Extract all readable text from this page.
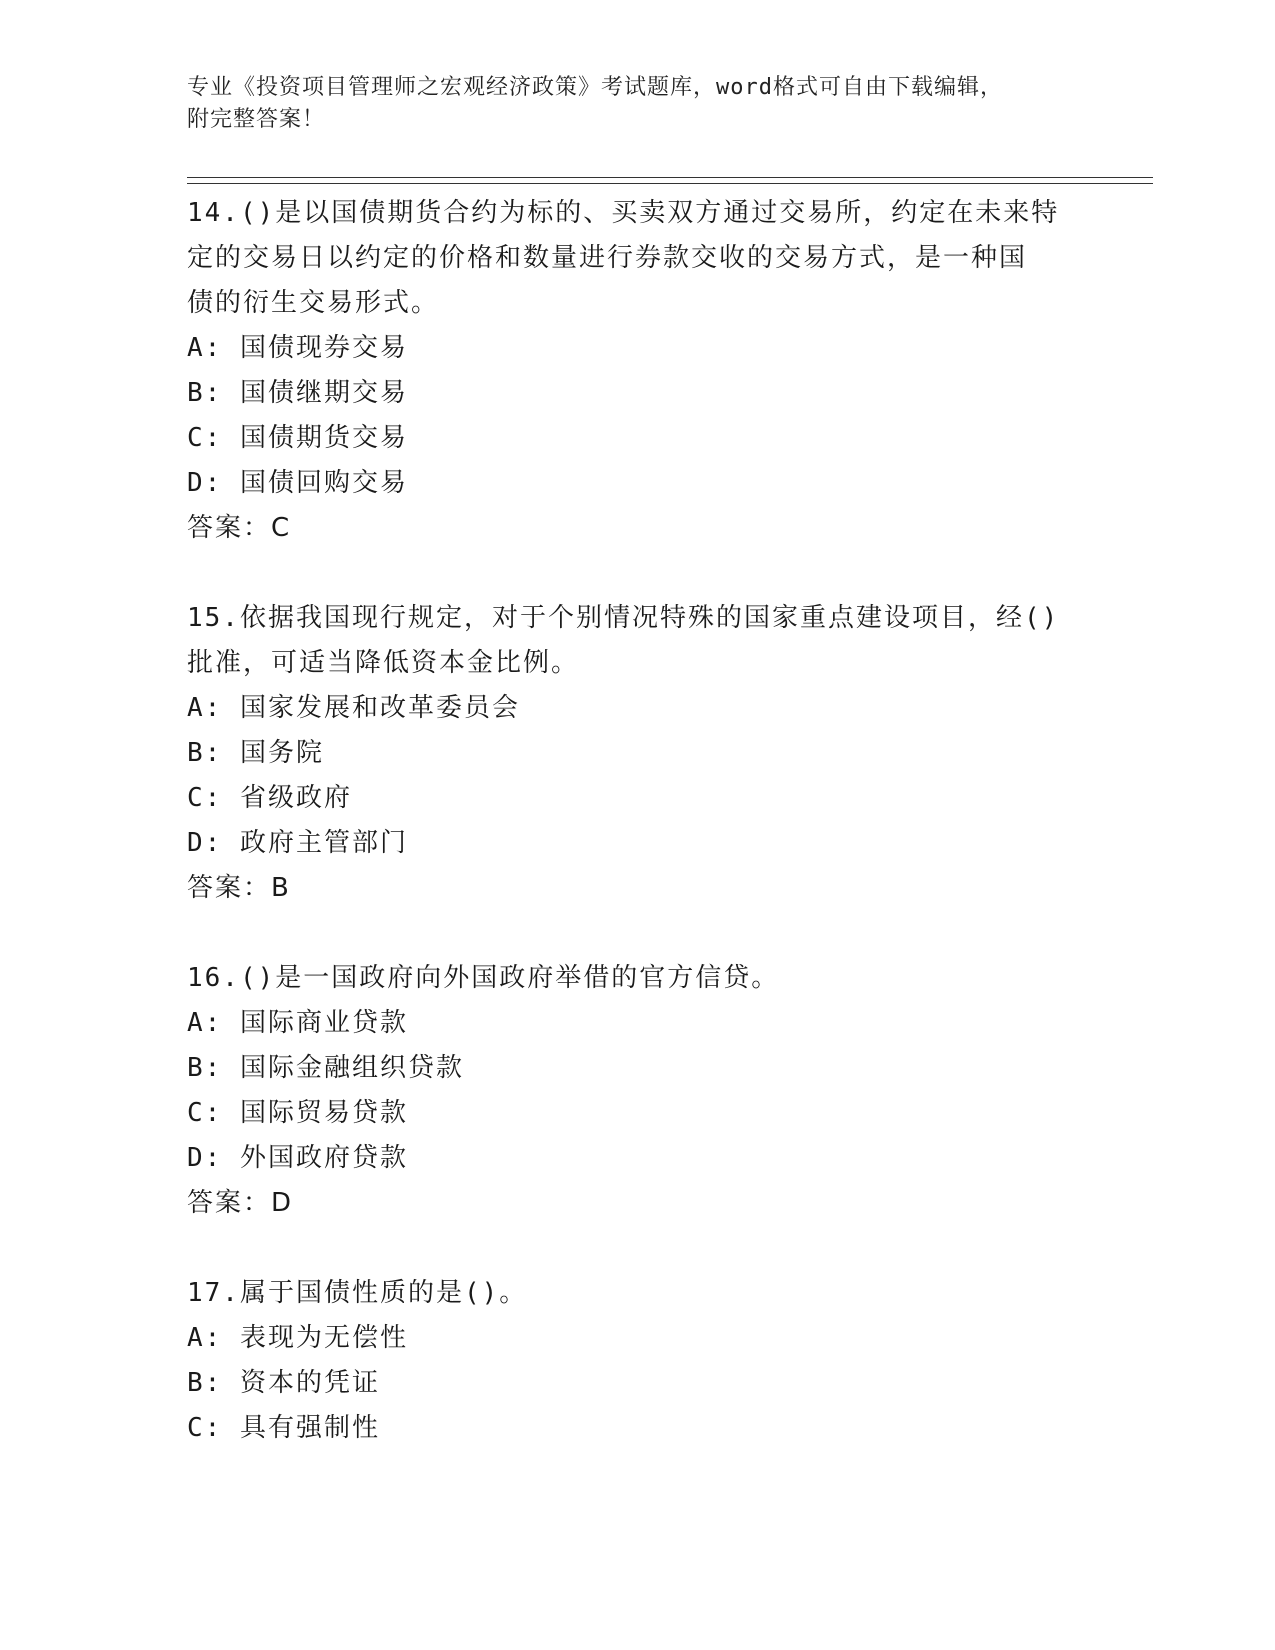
专业《投资项目管理师之宏观经济政策》考试题库，word格式可自由下载编辑，
附完整答案！

14.()是以国债期货合约为标的、买卖双方通过交易所，约定在未来特

定的交易日以约定的价格和数量进行券款交收的交易方式，是一种国

债的衍生交易形式。

A: 国债现券交易

B: 国债继期交易

C: 国债期货交易

D: 国债回购交易

答案：C

15.依据我国现行规定，对于个别情况特殊的国家重点建设项目，经()

批准，可适当降低资本金比例。

A: 国家发展和改革委员会

B: 国务院

C: 省级政府

D: 政府主管部门

答案：B

16.()是一国政府向外国政府举借的官方信贷。

A: 国际商业贷款

B: 国际金融组织贷款

C: 国际贸易贷款

D: 外国政府贷款

答案：D

17.属于国债性质的是()。

A: 表现为无偿性

B: 资本的凭证

C: 具有强制性
